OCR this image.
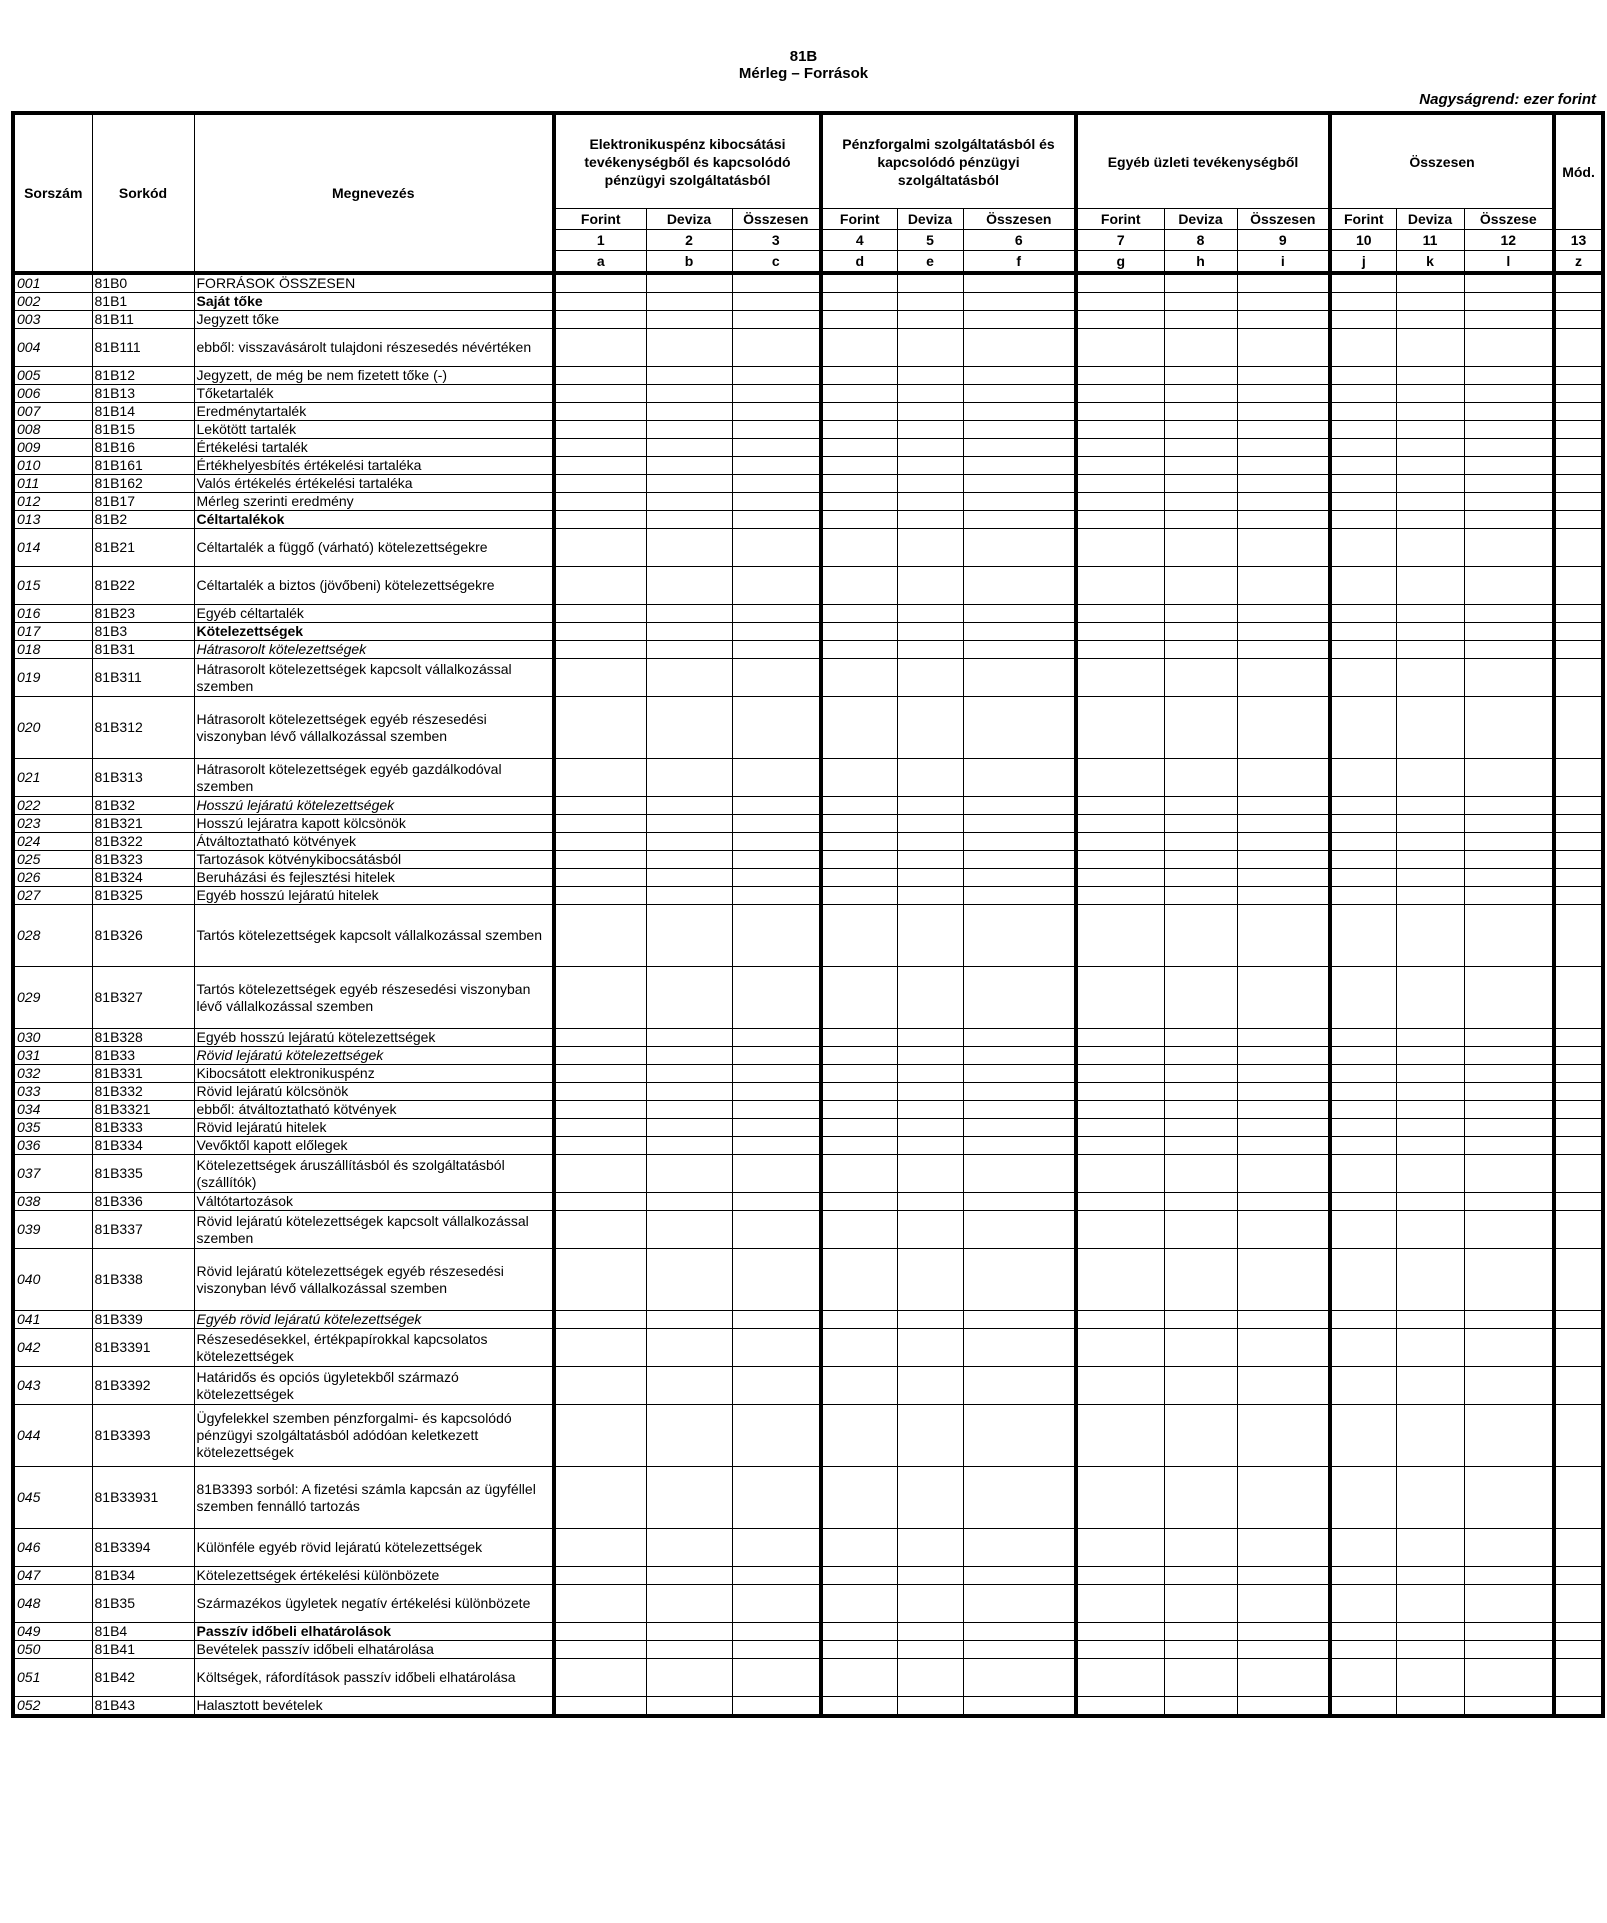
81B
Mérleg – Források
Nagyságrend: ezer forint
Sorszám	Sorkód	Megnevezés	Elektronikuspénz kibocsátási tevékenységből és kapcsolódó pénzügyi szolgáltatásból			Pénzforgalmi szolgáltatásból és kapcsolódó pénzügyi szolgáltatásból			Egyéb üzleti tevékenységből			Összesen			Mód.
			Forint	Deviza	Összesen	Forint	Deviza	Összesen	Forint	Deviza	Összesen	Forint	Deviza	Összese	
			1	2	3	4	5	6	7	8	9	10	11	12	13
			a	b	c	d	e	f	g	h	i	j	k	l	z
001	81B0	FORRÁSOK ÖSSZESEN													
002	81B1	Saját tőke													
003	81B11	Jegyzett tőke													
004	81B111	ebből: visszavásárolt tulajdoni részesedés névértéken													
005	81B12	Jegyzett, de még be nem fizetett tőke (-)													
006	81B13	Tőketartalék													
007	81B14	Eredménytartalék													
008	81B15	Lekötött tartalék													
009	81B16	Értékelési tartalék													
010	81B161	Értékhelyesbítés értékelési tartaléka													
011	81B162	Valós értékelés értékelési tartaléka													
012	81B17	Mérleg szerinti eredmény													
013	81B2	Céltartalékok													
014	81B21	Céltartalék a függő (várható) kötelezettségekre													
015	81B22	Céltartalék a biztos (jövőbeni) kötelezettségekre													
016	81B23	Egyéb céltartalék													
017	81B3	Kötelezettségek													
018	81B31	Hátrasorolt kötelezettségek													
019	81B311	Hátrasorolt kötelezettségek kapcsolt vállalkozással szemben													
020	81B312	Hátrasorolt kötelezettségek egyéb részesedési viszonyban lévő vállalkozással szemben													
021	81B313	Hátrasorolt kötelezettségek egyéb gazdálkodóval szemben													
022	81B32	Hosszú lejáratú kötelezettségek													
023	81B321	Hosszú lejáratra kapott kölcsönök													
024	81B322	Átváltoztatható kötvények													
025	81B323	Tartozások kötvénykibocsátásból													
026	81B324	Beruházási és fejlesztési hitelek													
027	81B325	Egyéb hosszú lejáratú hitelek													
028	81B326	Tartós kötelezettségek kapcsolt vállalkozással szemben													
029	81B327	Tartós kötelezettségek egyéb részesedési viszonyban lévő vállalkozással szemben													
030	81B328	Egyéb hosszú lejáratú kötelezettségek													
031	81B33	Rövid lejáratú kötelezettségek													
032	81B331	Kibocsátott elektronikuspénz													
033	81B332	Rövid lejáratú kölcsönök													
034	81B3321	ebből: átváltoztatható kötvények													
035	81B333	Rövid lejáratú hitelek													
036	81B334	Vevőktől kapott előlegek													
037	81B335	Kötelezettségek áruszállításból és szolgáltatásból (szállítók)													
038	81B336	Váltótartozások													
039	81B337	Rövid lejáratú kötelezettségek kapcsolt vállalkozással szemben													
040	81B338	Rövid lejáratú kötelezettségek egyéb részesedési viszonyban lévő vállalkozással szemben													
041	81B339	Egyéb rövid lejáratú kötelezettségek													
042	81B3391	Részesedésekkel, értékpapírokkal kapcsolatos kötelezettségek													
043	81B3392	Határidős és opciós ügyletekből származó kötelezettségek													
044	81B3393	Ügyfelekkel szemben pénzforgalmi- és kapcsolódó pénzügyi szolgáltatásból adódóan keletkezett kötelezettségek													
045	81B33931	81B3393 sorból: A fizetési számla kapcsán az ügyféllel szemben fennálló tartozás													
046	81B3394	Különféle egyéb rövid lejáratú kötelezettségek													
047	81B34	Kötelezettségek értékelési különbözete													
048	81B35	Származékos ügyletek negatív értékelési különbözete													
049	81B4	Passzív időbeli elhatárolások													
050	81B41	Bevételek passzív időbeli elhatárolása													
051	81B42	Költségek, ráfordítások passzív időbeli elhatárolása													
052	81B43	Halasztott bevételek													
